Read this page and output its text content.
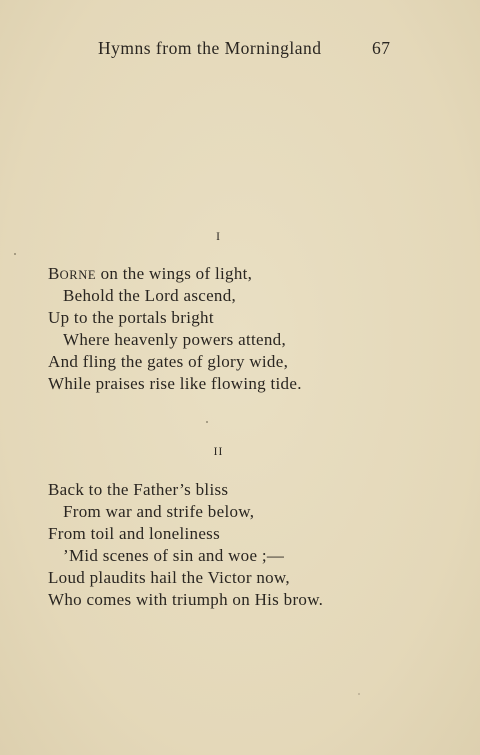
Hymns from the Morningland	67
I
BORNE on the wings of light,
Behold the Lord ascend,
Up to the portals bright
Where heavenly powers attend,
And fling the gates of glory wide,
While praises rise like flowing tide.
II
Back to the Father’s bliss
From war and strife below,
From toil and loneliness
’Mid scenes of sin and woe ;—
Loud plaudits hail the Victor now,
Who comes with triumph on His brow.
